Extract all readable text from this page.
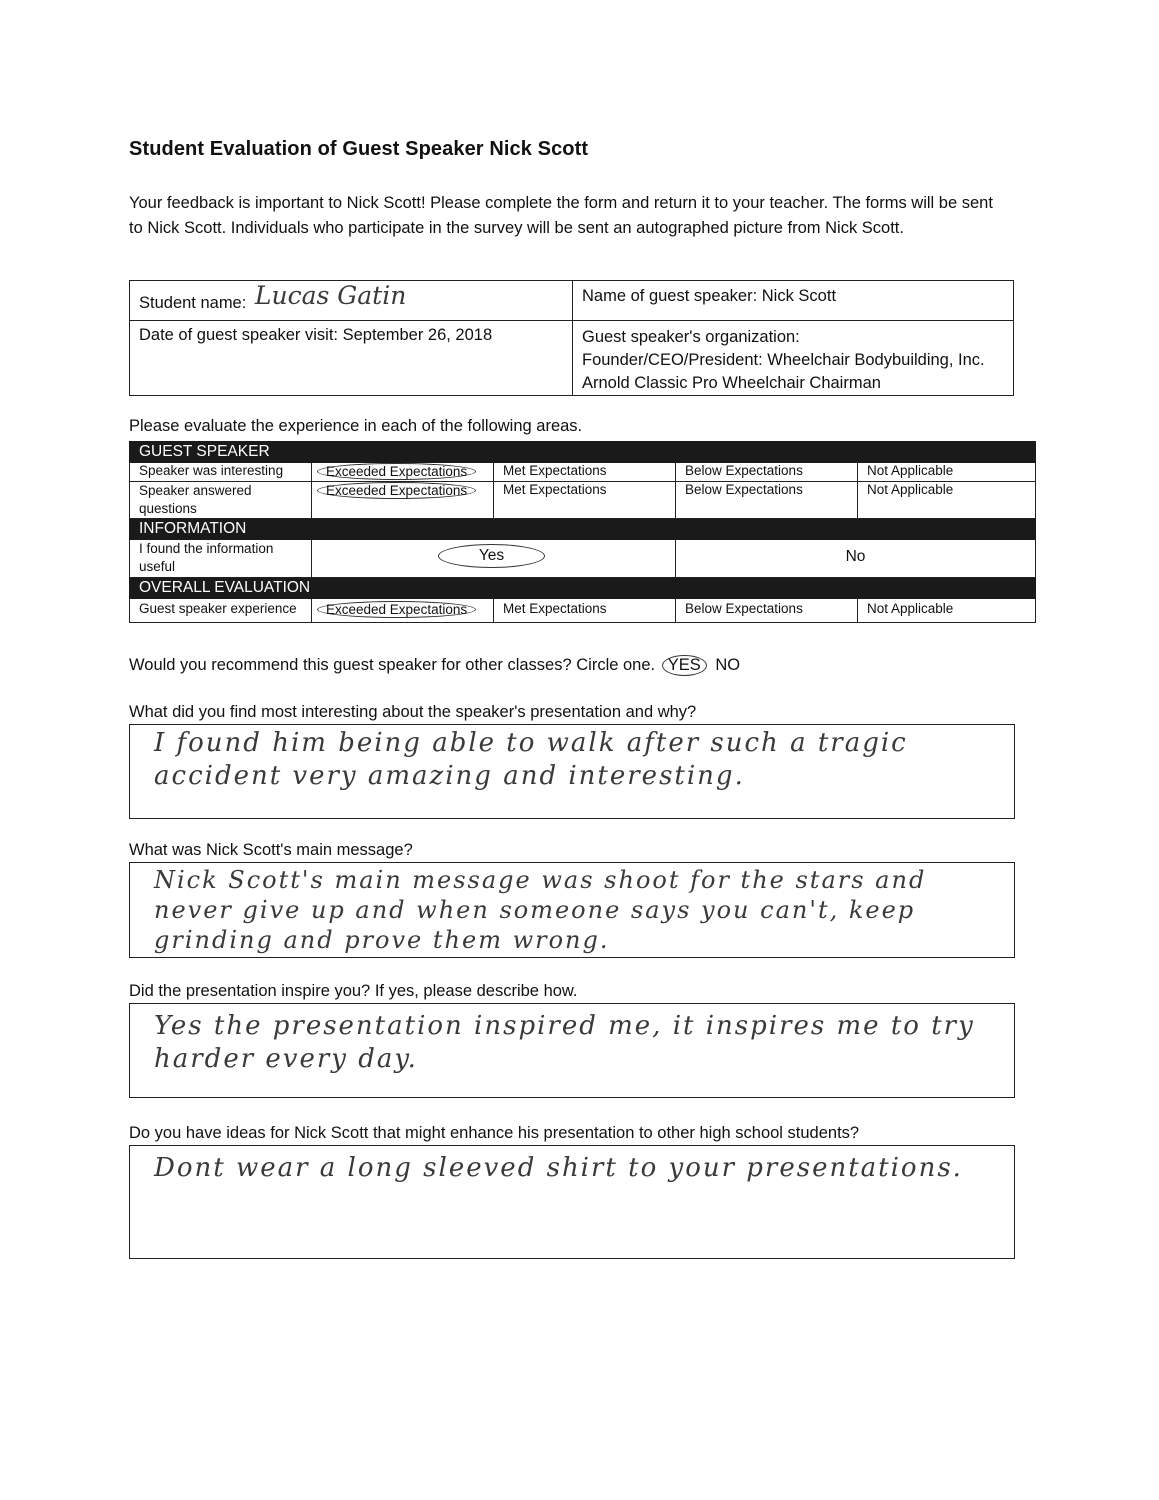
Student Evaluation of Guest Speaker Nick Scott
Your feedback is important to Nick Scott! Please complete the form and return it to your teacher. The forms will be sent to Nick Scott. Individuals who participate in the survey will be sent an autographed picture from Nick Scott.
Student name: Lucas Gatin	Name of guest speaker: Nick Scott
Date of guest speaker visit: September 26, 2018	Guest speaker's organization:
Founder/CEO/President: Wheelchair Bodybuilding, Inc.
Arnold Classic Pro Wheelchair Chairman
Please evaluate the experience in each of the following areas.
GUEST SPEAKER				
Speaker was interesting	Exceeded Expectations	Met Expectations	Below Expectations	Not Applicable
Speaker answered questions	Exceeded Expectations	Met Expectations	Below Expectations	Not Applicable
INFORMATION				
I found the information useful	Yes		No	
OVERALL EVALUATION				
Guest speaker experience	Exceeded Expectations	Met Expectations	Below Expectations	Not Applicable
Would you recommend this guest speaker for other classes? Circle one. YES NO
What did you find most interesting about the speaker's presentation and why?
I found him being able to walk after such a tragic accident very amazing and interesting.
What was Nick Scott's main message?
Nick Scott's main message was shoot for the stars and never give up and when someone says you can't, keep grinding and prove them wrong.
Did the presentation inspire you? If yes, please describe how.
Yes the presentation inspired me, it inspires me to try harder every day.
Do you have ideas for Nick Scott that might enhance his presentation to other high school students?
Dont wear a long sleeved shirt to your presentations.
